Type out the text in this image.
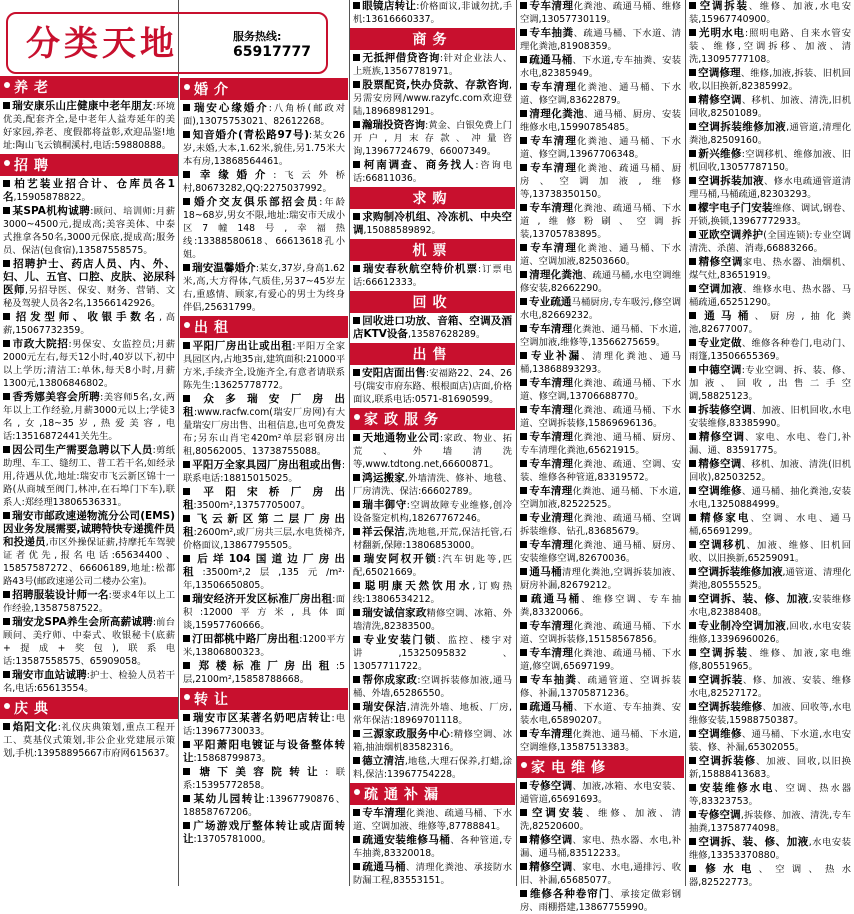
分类天地
养老
瑞安康乐山庄健康中老年朋友:环境优美,配套齐全,是中老年人益寿延年的美好家园,养老、度假都将益彰,欢迎品鉴!地址:陶山飞云镇桐溪村,电话:59880888。
招聘
柏艺装业招合计、仓库员各1名,15905878822。
某SPA机构诚聘:顾问、培训师:月薪3000~4500元,提成高;美容美体、中泰式推拿各50名,3000元保底,提成高;服务员、保洁(包食宿),13587558575。
招聘护士、药店人员、内、外、妇、儿、五官、口腔、皮肤、泌尿科医师,另招导医、保安、财务、营销、文秘及驾驶人员各2名,13566142926。
招发型师、收银手数名,高薪,15067732359。
市政大院招:男保安、女监控员;月薪2000元左右,每天12小时,40岁以下,初中以上学历;清洁工:单休,每天8小时,月薪1300元,13806846802。
香秀娜美容会所聘:美容师5名,女,两年以上工作经验,月薪3000元以上;学徒3名,女,18~35岁,热爱美容,电话:13516872441关先生。
因公司生产需要急聘以下人员:剪纸助理、车工、缝纫工、普工若干名,如经录用,待遇从优,地址:瑞安市飞云新区锦十一路(从商城至阀门,林冲,在石埠门下车),联系人:郑经理13806536331。
瑞安市邮政速递物流分公司(EMS)因业务发展需要,诚聘特快专递揽件员和投递员,市区外操保证薪,持摩托车驾驶证者优先,报名电话:65634400、15857587272、66606189,地址:松都路43号(邮政速递公司二楼办公室)。
招聘服装设计师一名:要求4年以上工作经验,13587587522。
瑞安龙SPA养生会所高薪诚聘:前台顾问、美疗师、中泰式、收银秘卡(底薪+提成+奖包),联系电话:13587558575、65909058。
瑞安市血站诚聘:护士、检验人员若干名,电话:65613554。
庆典
焰阳文化:礼仪庆典策划,重点工程开工、莫基仪式策划,非公企业党建展示策划,手机:13958895667市府网615637。
服务热线:
65917777
婚介
瑞安心缘婚介:八角桥(邮政对面),13075753021、82612268。
知音婚介(青松路97号):某女26岁,未婚,大本,1.62米,貌佳,另1.75米大本有房,13868564461。
幸缘婚介:飞云外桥村,80673282,QQ:2275037992。
婚介交友俱乐部招会员:年龄18~68岁,男女不限,地址:瑞安市天成小区7幢148号,幸福热线:13388580618、66613618孔小姐。
瑞安温馨婚介:某女,37岁,身高1.62米,高,大方得体,气质佳,另37~45岁左右,重感情、顾家,有爱心的男士为终身伴侣,25631799。
出租
平阳厂房出让或出租:平阳万全家具园区内,占地35亩,建筑面积:21000平方米,手续齐全,设施齐全,有意者请联系陈先生:13625778772。
众多瑞安厂房出租:www.racfw.com(瑞安厂房网)有大量瑞安厂房出售、出租信息,也可免费发布;另东山肖宅420m²单层彩钢房出租,80562005、13738755088。
平阳万全家具园厂房出租或出售:联系电话:18815015025。
平阳宋桥厂房出租:3500m²,13757705007。
飞云新区第二层厂房出租:2600m²,或厂房共三层,水电货梯齐,价格面议,13867795505。
后垟104国道边厂房出租:3500m²,2层,135元/m²·年,13506650805。
瑞安经济开发区标准厂房出租:面积:12000平方米,具体面谈,15957760666。
汀田都桃中路厂房出租:1200平方米,13806800323。
郑楼标准厂房出租:5层,2100m²,15858788668。
转让
瑞安市区某著名奶吧店转让:电话:13967730033。
平阳萧阳电镀证与设备整体转让:15868799873。
塘下美容院转让:联系:15395772858。
某幼儿园转让:13967790876、18858767206。
广场游戏厅整体转让或店面转让:13705781000。
眼镜店转让:价格面议,非诚勿扰,手机:13616660337。
商务
无抵押借贷咨询:针对企业法人、上班族,13567781971。
股票配资,快办贷款、存款咨询,另需安房网/www.razyfc.com欢迎登陆,18968981291。
瀚瑞投资咨询:黄金、白银免费上门开户,月末存款、冲量咨询,13967724679、66007349。
柯南调查、商务找人:咨询电话:66811036。
求购
求购制冷机组、冷冻机、中央空调,15088589892。
机票
瑞安春秋航空特价机票:订票电话:66612333。
回收
回收进口功放、音箱、空调及酒店KTV设备,13587628289。
出售
安阳店面出售:安福路22、24、26号(瑞安市府东路、根根面店)店面,价格面议,联系电话:0571-81690599。
家政服务
天地通物业公司:家政、物业、拓荒、外墙清洗等,www.tdtong.net,66600871。
鸿运搬家,外墙清洗、修补、地毯、厂房清洗、保洁:66602789。
瑞丰御守:空调故障专业维修,创冷设备鉴定机构,18267767246。
祥云保洁,洗地毯,开荒,保洁托管,石材翻新,保障:13806853000。
瑞安阿权开锁:汽车钥匙等,匹配,65021669。
聪明康天然饮用水,订购热线:13806534212。
瑞安诚信家政精修空调、冰箱、外墙清洗,82383500。
专业安装门锁、监控、楼宇对讲,15325095832、13057711722。
帮你成家政:空调拆装修加液,通马桶、外墙,65286550。
瑞安保洁,清洗外墙、地板、厂房,常年保洁:18969701118。
三源家政服务中心:精修空调、冰箱,抽油烟机83582316。
德立清洁,地毯,大理石保养,打蜡,涂料,保洁:13967754228。
疏通补漏
专车清理化粪池、疏通马桶、下水道、空调加液、维修等,87788841。
疏通安装维修马桶、各种管道,专车抽粪,83320018。
疏通马桶、清理化粪池、承接防水防漏工程,83553151。
专车清理化粪池、疏通马桶、维修空调,13057730119。
专车抽粪、疏通马桶、下水道、清理化粪池,81908359。
疏通马桶、下水道,专车抽粪、安装水电,82385949。
专车清理化粪池、通马桶、下水道、修空调,83622879。
清理化粪池、通马桶、厨房、安装维修水电,15990785485。
专车清理化粪池、通马桶、下水道、修空调,13967706348。
专车清理化粪池、疏通马桶、厨房、空调加液,维修等,13738350150。
专车清理化粪池、疏通马桶、下水道,维修粉刷、空调拆装,13705783895。
专车清理化粪池、通马桶、下水道、空调加液,82503660。
清理化粪池、疏通马桶,水电空调维修安装,82662290。
专业疏通马桶厨房,专车吸污,修空调水电,82669232。
专车清理化粪池、通马桶、下水道,空调加液,维修等,13566275659。
专业补漏、清理化粪池、通马桶,13868893293。
专车清理化粪池、疏通马桶、下水道、修空调,13706688770。
专车清理化粪池、疏通马桶、下水道、空调拆装修,15869696136。
专车清理化粪池、通马桶、厨房、专车清理化粪池,65621915。
专车清理化粪池、疏通、空调、安装、维修各种管道,83319572。
专车清理化粪池、通马桶、下水道,空调加液,82522525。
专业清理化粪池、疏通马桶、空调拆装维修、钻孔,83685679。
专车清理化粪池、通马桶、厨房、安装维修空调,82670036。
通马桶清理化粪池,空调拆装加液、厨房补漏,82679212。
疏通马桶、维修空调、专车抽粪,83320066。
专车清理化粪池、疏通马桶、下水道、空调拆装修,15158567856。
专车清理化粪池、疏通马桶、下水道,修空调,65697199。
专车抽粪、疏通管道、空调拆装修、补漏,13705871236。
疏通马桶、下水道、专车抽粪、安装水电,65890207。
专车清理化粪池、通马桶、下水道,空调维修,13587513383。
家电维修
专修空调、加液,冰箱、水电安装、通管道,65691693。
空调安装、维修、加液、清洗,82520600。
精修空调、家电、热水器、水电,补漏、通马桶,83512233。
精修空调、家电、水电,通排污、收旧、补漏,65685077。
维修各种卷帘门、承接定做彩钢房、雨棚搭建,13867755990。
空调拆装、维修、加液,水电安装,15967740900。
光明水电:照明电路、自来水管安装、维修,空调拆移、加液、清洗,13095777108。
空调修理、维修,加液,拆装、旧机回收,以旧换新,82385992。
精修空调、移机、加液、清洗,旧机回收,82501089。
空调拆装维修加液,通管道,清理化粪池,82509160。
新兴维修:空调移机、维修加液、旧机回收,13057787150。
空调拆装加液、修水电疏通管道清理马桶,马桶疏通,82303293。
檬宇电子门安装维修、调试,钢卷、开锁,换锁,13967772933。
亚欧空调养护(全国连锁):专业空调清洗、杀菌、消毒,66883266。
精修空调家电、热水器、油烟机、煤气灶,83651919。
空调加液、维修水电、热水器、马桶疏通,65251290。
通马桶、厨房,抽化粪池,82677007。
专业定做、维修各种卷门,电动门、雨篷,13506655369。
中德空调:专业空调、拆、装、修、加液、回收,出售二手空调,58825123。
拆装修空调、加液、旧机回收,水电安装维修,83385990。
精修空调、家电、水电、卷门,补漏、通、83591775。
精修空调、移机、加液、清洗(旧机回收),82503252。
空调维修、通马桶、抽化粪池,安装水电,13250884999。
精修家电、空调、水电、通马桶,65691299。
空调移机、加液、维修、旧机回收、以旧换新,65259091。
空调拆装维修加液,通管道、清理化粪池,80555525。
空调拆、装、修、加液,安装维修水电,82388408。
专业制冷空调加液,回收,水电安装维修,13396960026。
空调拆装、维修、加液,家电维修,80551965。
空调拆装、修、加液、安装、维修水电,82527172。
空调拆装维修、加液、回收等,水电维修安装,15988750387。
空调维修、通马桶、下水道,水电安装、修、补漏,65302055。
空调拆装修、加液、回收,以旧换新,15888413683。
安装维修水电、空调、热水器等,83323753。
专修空调,拆装修、加液、清洗,专车抽粪,13758774098。
空调拆、装、修、加液,水电安装维修,13353370880。
修水电、空调、热水器,82522773。
